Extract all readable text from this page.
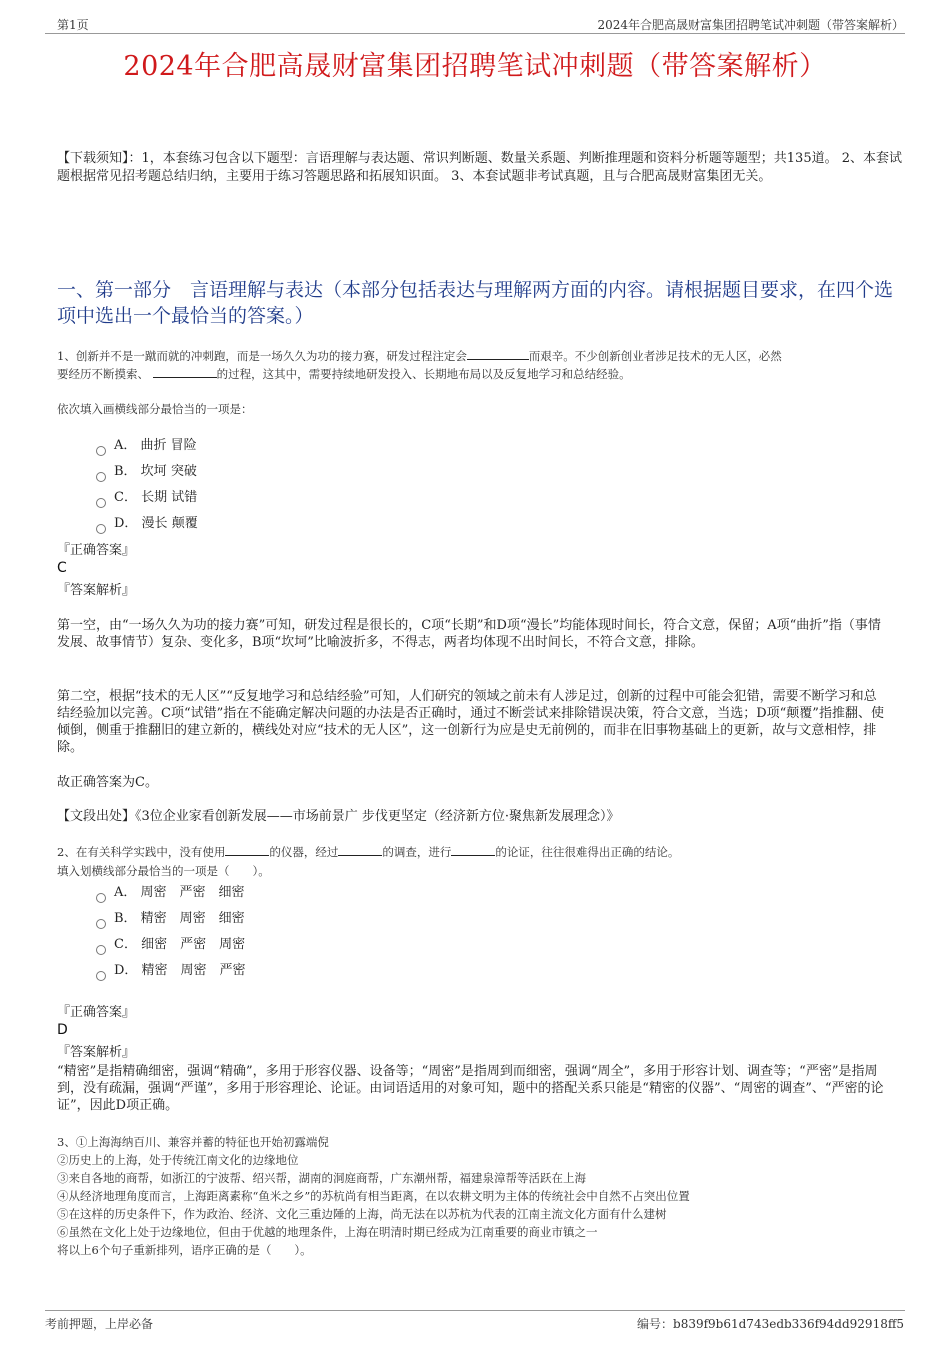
第1页	2024年合肥高晟财富集团招聘笔试冲刺题（带答案解析）
2024年合肥高晟财富集团招聘笔试冲刺题（带答案解析）
【下载须知】：1，本套练习包含以下题型：言语理解与表达题、常识判断题、数量关系题、判断推理题和资料分析题等题型；共135道。 2、本套试题根据常见招考题总结归纳，主要用于练习答题思路和拓展知识面。 3、本套试题非考试真题，且与合肥高晟财富集团无关。
一、第一部分　言语理解与表达（本部分包括表达与理解两方面的内容。请根据题目要求，在四个选项中选出一个最恰当的答案。）
1、创新并不是一蹴而就的冲刺跑，而是一场久久为功的接力赛，研发过程注定会	而艰辛。不少创新创业者涉足技术的无人区，必然
要经历不断摸索、	的过程，这其中，需要持续地研发投入、长期地布局以及反复地学习和总结经验。
依次填入画横线部分最恰当的一项是：
A． 曲折 冒险
B． 坎坷 突破
C． 长期 试错
D． 漫长 颠覆
『正确答案』
C
『答案解析』
第一空，由“一场久久为功的接力赛”可知，研发过程是很长的，C项“长期”和D项“漫长”均能体现时间长，符合文意，保留；A项“曲折”指（事情发展、故事情节）复杂、变化多，B项“坎坷”比喻波折多，不得志，两者均体现不出时间长，不符合文意，排除。
第二空，根据“技术的无人区”“反复地学习和总结经验”可知，人们研究的领域之前未有人涉足过，创新的过程中可能会犯错，需要不断学习和总结经验加以完善。C项“试错”指在不能确定解决问题的办法是否正确时，通过不断尝试来排除错误决策，符合文意，当选；D项“颠覆”指推翻、使倾倒，侧重于推翻旧的建立新的，横线处对应“技术的无人区”，这一创新行为应是史无前例的，而非在旧事物基础上的更新，故与文意相悖，排除。
故正确答案为C。
【文段出处】《3位企业家看创新发展——市场前景广 步伐更坚定（经济新方位·聚焦新发展理念）》
2、在有关科学实践中，没有使用	的仪器，经过	的调查，进行	的论证，往往很难得出正确的结论。
填入划横线部分最恰当的一项是（　　）。
A． 周密　严密　细密
B． 精密　周密　细密
C． 细密　严密　周密
D． 精密　周密　严密
『正确答案』
D
『答案解析』
“精密”是指精确细密，强调“精确”，多用于形容仪器、设备等；“周密”是指周到而细密，强调“周全”，多用于形容计划、调查等；“严密”是指周到，没有疏漏，强调“严谨”，多用于形容理论、论证。由词语适用的对象可知，题中的搭配关系只能是“精密的仪器”、“周密的调查”、“严密的论证”，因此D项正确。

3、①上海海纳百川、兼容并蓄的特征也开始初露端倪

②历史上的上海，处于传统江南文化的边缘地位

③来自各地的商帮，如浙江的宁波帮、绍兴帮，湖南的洞庭商帮，广东潮州帮，福建泉漳帮等活跃在上海

④从经济地理角度而言，上海距离素称“鱼米之乡”的苏杭尚有相当距离，在以农耕文明为主体的传统社会中自然不占突出位置

⑤在这样的历史条件下，作为政治、经济、文化三重边陲的上海，尚无法在以苏杭为代表的江南主流文化方面有什么建树

⑥虽然在文化上处于边缘地位，但由于优越的地理条件，上海在明清时期已经成为江南重要的商业市镇之一

将以上6个句子重新排列，语序正确的是（　　）。

考前押题，上岸必备	编号：b839f9b61d743edb336f94dd92918ff5
